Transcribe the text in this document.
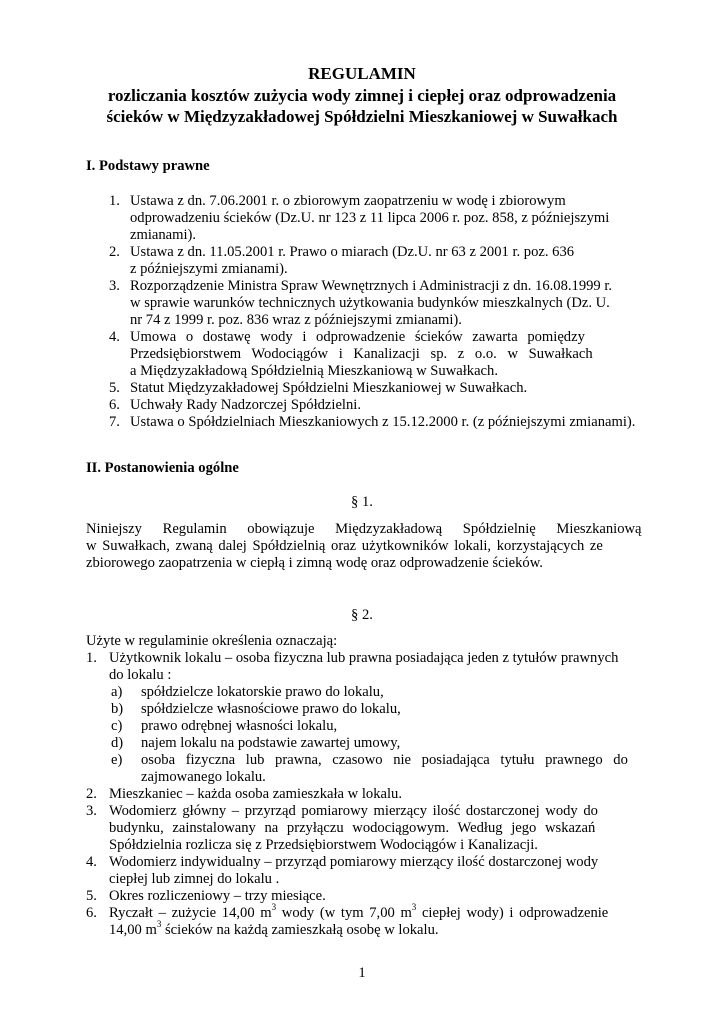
REGULAMIN
rozliczania kosztów zużycia wody zimnej i ciepłej oraz odprowadzenia
ścieków w Międzyzakładowej Spółdzielni Mieszkaniowej w Suwałkach
I. Podstawy prawne
1. Ustawa z dn. 7.06.2001 r. o zbiorowym zaopatrzeniu w wodę i zbiorowym
odprowadzeniu ścieków (Dz.U. nr 123 z 11 lipca 2006 r. poz. 858, z późniejszymi
zmianami).
2. Ustawa z dn. 11.05.2001 r. Prawo o miarach (Dz.U. nr 63 z 2001 r. poz. 636
z późniejszymi zmianami).
3. Rozporządzenie Ministra Spraw Wewnętrznych i Administracji z dn. 16.08.1999 r.
w sprawie warunków technicznych użytkowania budynków mieszkalnych (Dz. U.
nr 74 z 1999 r. poz. 836 wraz z późniejszymi zmianami).
4. Umowa o dostawę wody i odprowadzenie ścieków zawarta pomiędzy
Przedsiębiorstwem Wodociągów i Kanalizacji sp. z o.o. w Suwałkach
a Międzyzakładową Spółdzielnią Mieszkaniową w Suwałkach.
5. Statut Międzyzakładowej Spółdzielni Mieszkaniowej w Suwałkach.
6. Uchwały Rady Nadzorczej Spółdzielni.
7. Ustawa o Spółdzielniach Mieszkaniowych z 15.12.2000 r. (z późniejszymi zmianami).
II. Postanowienia ogólne
§ 1.
Niniejszy Regulamin obowiązuje Międzyzakładową Spółdzielnię Mieszkaniową
w Suwałkach, zwaną dalej Spółdzielnią oraz użytkowników lokali, korzystających ze
zbiorowego zaopatrzenia w ciepłą i zimną wodę oraz odprowadzenie ścieków.
§ 2.
Użyte w regulaminie określenia oznaczają:
1. Użytkownik lokalu – osoba fizyczna lub prawna posiadająca jeden z tytułów prawnych
do lokalu :
a) spółdzielcze lokatorskie prawo do lokalu,
b) spółdzielcze własnościowe prawo do lokalu,
c) prawo odrębnej własności lokalu,
d) najem lokalu na podstawie zawartej umowy,
e) osoba fizyczna lub prawna, czasowo nie posiadająca tytułu prawnego do
zajmowanego lokalu.
2. Mieszkaniec – każda osoba zamieszkała w lokalu.
3. Wodomierz główny – przyrząd pomiarowy mierzący ilość dostarczonej wody do
budynku, zainstalowany na przyłączu wodociągowym. Według jego wskazań
Spółdzielnia rozlicza się z Przedsiębiorstwem Wodociągów i Kanalizacji.
4. Wodomierz indywidualny – przyrząd pomiarowy mierzący ilość dostarczonej wody
ciepłej lub zimnej do lokalu .
5. Okres rozliczeniowy – trzy miesiące.
6. Ryczałt – zużycie 14,00 $m^3$ wody (w tym 7,00 $m^3$ ciepłej wody) i odprowadzenie
14,00 $m^3$ ścieków na każdą zamieszkałą osobę w lokalu.
1
